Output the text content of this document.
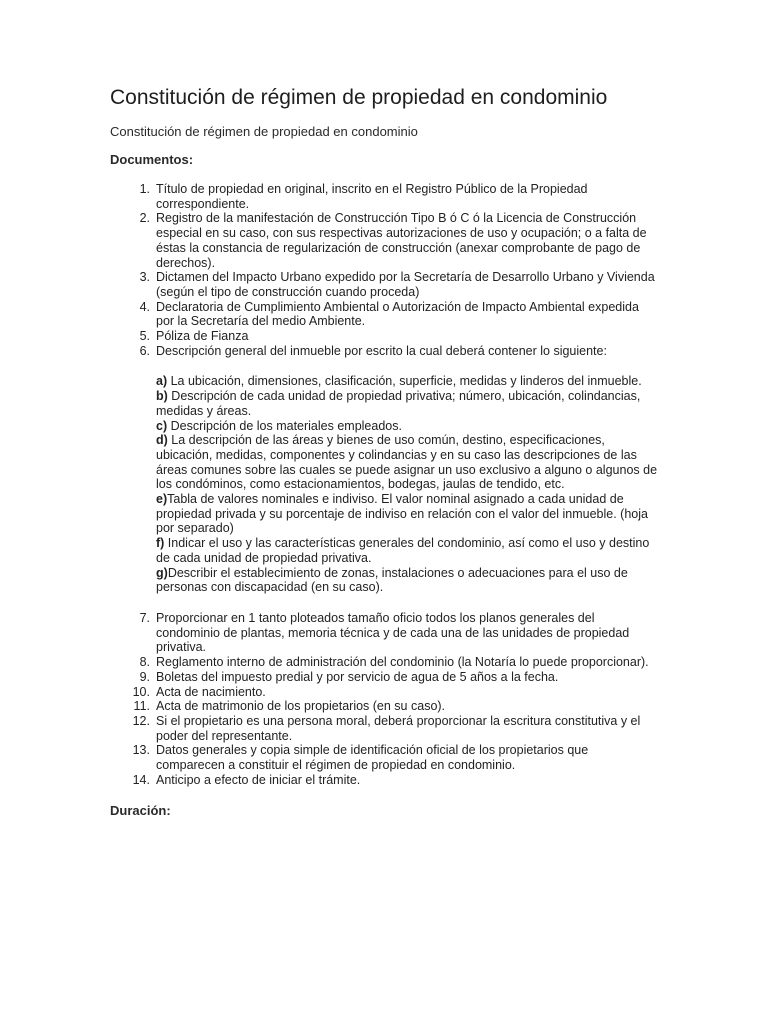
Constitución de régimen de propiedad en condominio

Constitución de régimen de propiedad en condominio

Documentos:

1. Título de propiedad en original, inscrito en el Registro Público de la Propiedad correspondiente.
2. Registro de la manifestación de Construcción Tipo B ó C ó la Licencia de Construcción especial en su caso, con sus respectivas autorizaciones de uso y ocupación; o a falta de éstas la constancia de regularización de construcción (anexar comprobante de pago de derechos).
3. Dictamen del Impacto Urbano expedido por la Secretaría de Desarrollo Urbano y Vivienda (según el tipo de construcción cuando proceda)
4. Declaratoria de Cumplimiento Ambiental o Autorización de Impacto Ambiental expedida por la Secretaría del medio Ambiente.
5. Póliza de Fianza
6. Descripción general del inmueble por escrito la cual deberá contener lo siguiente:
a) La ubicación, dimensiones, clasificación, superficie, medidas y linderos del inmueble.
b) Descripción de cada unidad de propiedad privativa; número, ubicación, colindancias, medidas y áreas.
c) Descripción de los materiales empleados.
d) La descripción de las áreas y bienes de uso común, destino, especificaciones, ubicación, medidas, componentes y colindancias y en su caso las descripciones de las áreas comunes sobre las cuales se puede asignar un uso exclusivo a alguno o algunos de los condóminos, como estacionamientos, bodegas, jaulas de tendido, etc.
e)Tabla de valores nominales e indiviso. El valor nominal asignado a cada unidad de propiedad privada y su porcentaje de indiviso en relación con el valor del inmueble. (hoja por separado)
f) Indicar el uso y las características generales del condominio, así como el uso y destino de cada unidad de propiedad privativa.
g)Describir el establecimiento de zonas, instalaciones o adecuaciones para el uso de personas con discapacidad (en su caso).
7. Proporcionar en 1 tanto ploteados tamaño oficio todos los planos generales del condominio de plantas, memoria técnica y de cada una de las unidades de propiedad privativa.
8. Reglamento interno de administración del condominio (la Notaría lo puede proporcionar).
9. Boletas del impuesto predial y por servicio de agua de 5 años a la fecha.
10. Acta de nacimiento.
11. Acta de matrimonio de los propietarios (en su caso).
12. Si el propietario es una persona moral, deberá proporcionar la escritura constitutiva y el poder del representante.
13. Datos generales y copia simple de identificación oficial de los propietarios que comparecen a constituir el régimen de propiedad en condominio.
14. Anticipo a efecto de iniciar el trámite.

Duración:
